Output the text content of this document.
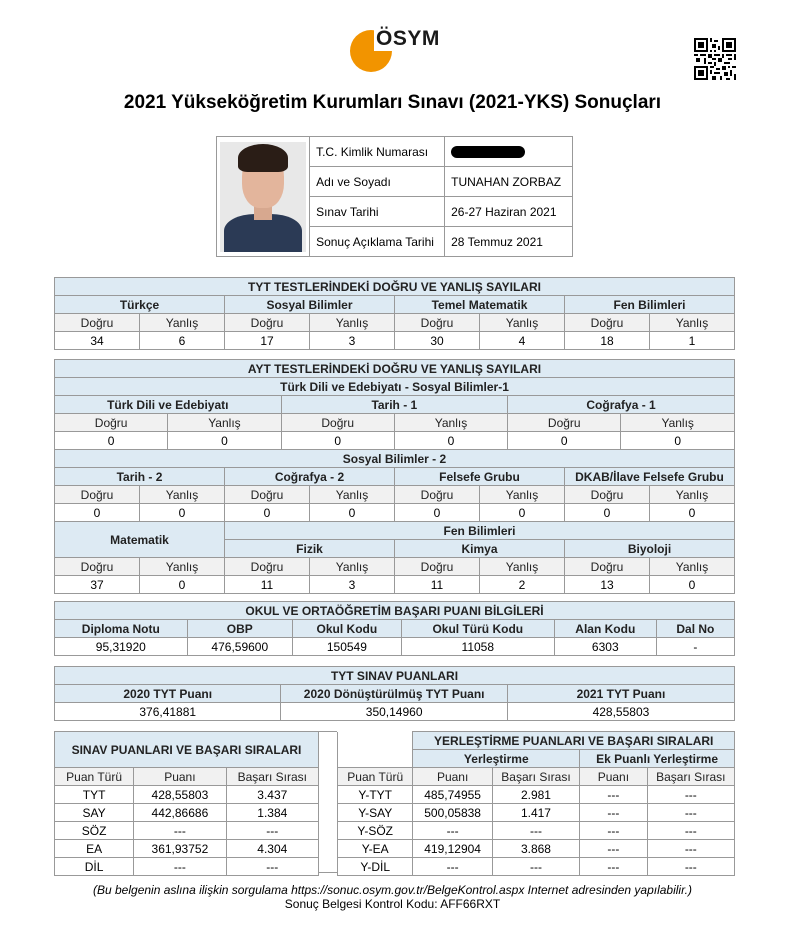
ÖSYM
2021 Yükseköğretim Kurumları Sınavı (2021-YKS) Sonuçları
	T.C. Kimlik Numarası	
	Adı ve Soyadı	TUNAHAN ZORBAZ
	Sınav Tarihi	26-27 Haziran 2021
	Sonuç Açıklama Tarihi	28 Temmuz 2021
TYT TESTLERİNDEKİ DOĞRU VE YANLIŞ SAYILARI							
Türkçe		Sosyal Bilimler		Temel Matematik		Fen Bilimleri	
Doğru	Yanlış	Doğru	Yanlış	Doğru	Yanlış	Doğru	Yanlış
34	6	17	3	30	4	18	1
AYT TESTLERİNDEKİ DOĞRU VE YANLIŞ SAYILARI					
Türk Dili ve Edebiyatı - Sosyal Bilimler-1					
Türk Dili ve Edebiyatı		Tarih - 1		Coğrafya - 1	
Doğru	Yanlış	Doğru	Yanlış	Doğru	Yanlış
0	0	0	0	0	0
Sosyal Bilimler - 2							
Tarih - 2		Coğrafya - 2		Felsefe Grubu		DKAB/İlave Felsefe Grubu	
Doğru	Yanlış	Doğru	Yanlış	Doğru	Yanlış	Doğru	Yanlış
0	0	0	0	0	0	0	0
Matematik		Fen Bilimleri					
		Fizik		Kimya		Biyoloji	
Doğru	Yanlış	Doğru	Yanlış	Doğru	Yanlış	Doğru	Yanlış
37	0	11	3	11	2	13	0
OKUL VE ORTAÖĞRETİM BAŞARI PUANI BİLGİLERİ					
Diploma Notu	OBP	Okul Kodu	Okul Türü Kodu	Alan Kodu	Dal No
95,31920	476,59600	150549	11058	6303	-
TYT SINAV PUANLARI		
2020 TYT Puanı	2020 Dönüştürülmüş TYT Puanı	2021 TYT Puanı
376,41881	350,14960	428,55803
SINAV PUANLARI VE BAŞARI SIRALARI		
Puan Türü	Puanı	Başarı Sırası
TYT	428,55803	3.437
SAY	442,86686	1.384
SÖZ	---	---
EA	361,93752	4.304
DİL	---	---
	YERLEŞTİRME PUANLARI VE BAŞARI SIRALARI			
	Yerleştirme		Ek Puanlı Yerleştirme	
Puan Türü	Puanı	Başarı Sırası	Puanı	Başarı Sırası
Y-TYT	485,74955	2.981	---	---
Y-SAY	500,05838	1.417	---	---
Y-SÖZ	---	---	---	---
Y-EA	419,12904	3.868	---	---
Y-DİL	---	---	---	---
(Bu belgenin aslına ilişkin sorgulama https://sonuc.osym.gov.tr/BelgeKontrol.aspx Internet adresinden yapılabilir.)
Sonuç Belgesi Kontrol Kodu: AFF66RXT
